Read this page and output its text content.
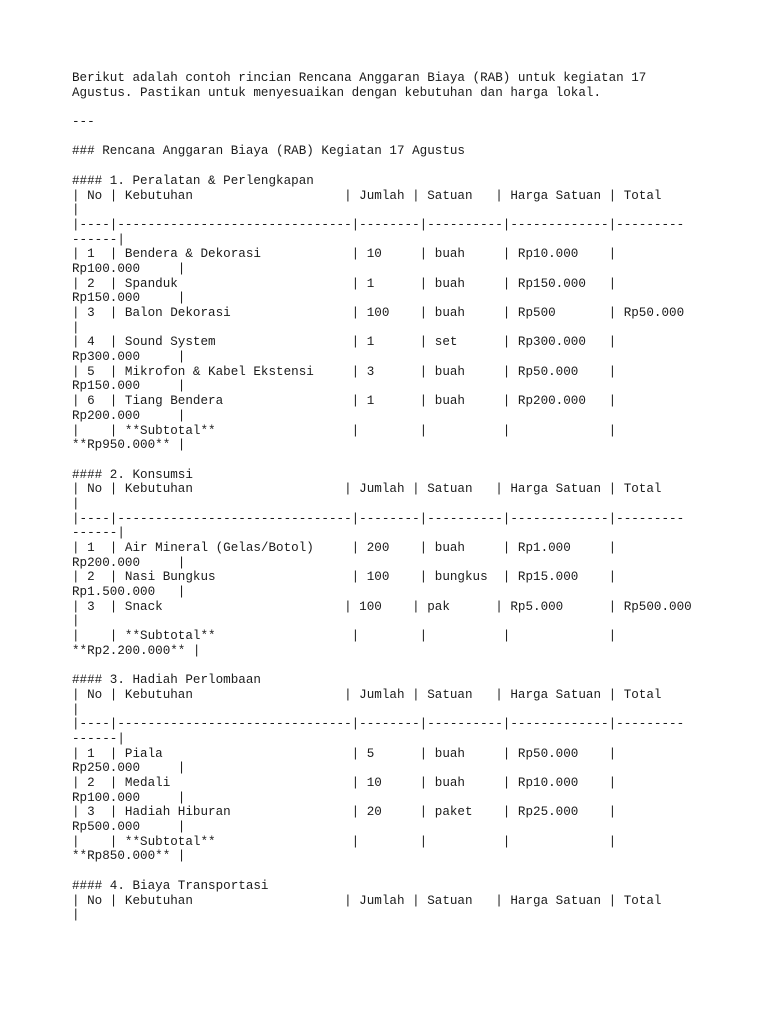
Berikut adalah contoh rincian Rencana Anggaran Biaya (RAB) untuk kegiatan 17
Agustus. Pastikan untuk menyesuaikan dengan kebutuhan dan harga lokal.
---
### Rencana Anggaran Biaya (RAB) Kegiatan 17 Agustus
#### 1. Peralatan & Perlengkapan
| No | Kebutuhan                    | Jumlah | Satuan   | Harga Satuan | Total
|
|----|-------------------------------|--------|----------|-------------|---------
------|
| 1  | Bendera & Dekorasi            | 10     | buah     | Rp10.000    |
Rp100.000     |
| 2  | Spanduk                       | 1      | buah     | Rp150.000   |
Rp150.000     |
| 3  | Balon Dekorasi                | 100    | buah     | Rp500       | Rp50.000
|
| 4  | Sound System                  | 1      | set      | Rp300.000   |
Rp300.000     |
| 5  | Mikrofon & Kabel Ekstensi     | 3      | buah     | Rp50.000    |
Rp150.000     |
| 6  | Tiang Bendera                 | 1      | buah     | Rp200.000   |
Rp200.000     |
|    | **Subtotal**                  |        |          |             |
**Rp950.000** |
#### 2. Konsumsi
| No | Kebutuhan                    | Jumlah | Satuan   | Harga Satuan | Total
|
|----|-------------------------------|--------|----------|-------------|---------
------|
| 1  | Air Mineral (Gelas/Botol)     | 200    | buah     | Rp1.000     |
Rp200.000     |
| 2  | Nasi Bungkus                  | 100    | bungkus  | Rp15.000    |
Rp1.500.000   |
| 3  | Snack                        | 100    | pak      | Rp5.000      | Rp500.000
|
|    | **Subtotal**                  |        |          |             |
**Rp2.200.000** |
#### 3. Hadiah Perlombaan
| No | Kebutuhan                    | Jumlah | Satuan   | Harga Satuan | Total
|
|----|-------------------------------|--------|----------|-------------|---------
------|
| 1  | Piala                         | 5      | buah     | Rp50.000    |
Rp250.000     |
| 2  | Medali                        | 10     | buah     | Rp10.000    |
Rp100.000     |
| 3  | Hadiah Hiburan                | 20     | paket    | Rp25.000    |
Rp500.000     |
|    | **Subtotal**                  |        |          |             |
**Rp850.000** |
#### 4. Biaya Transportasi
| No | Kebutuhan                    | Jumlah | Satuan   | Harga Satuan | Total
|
